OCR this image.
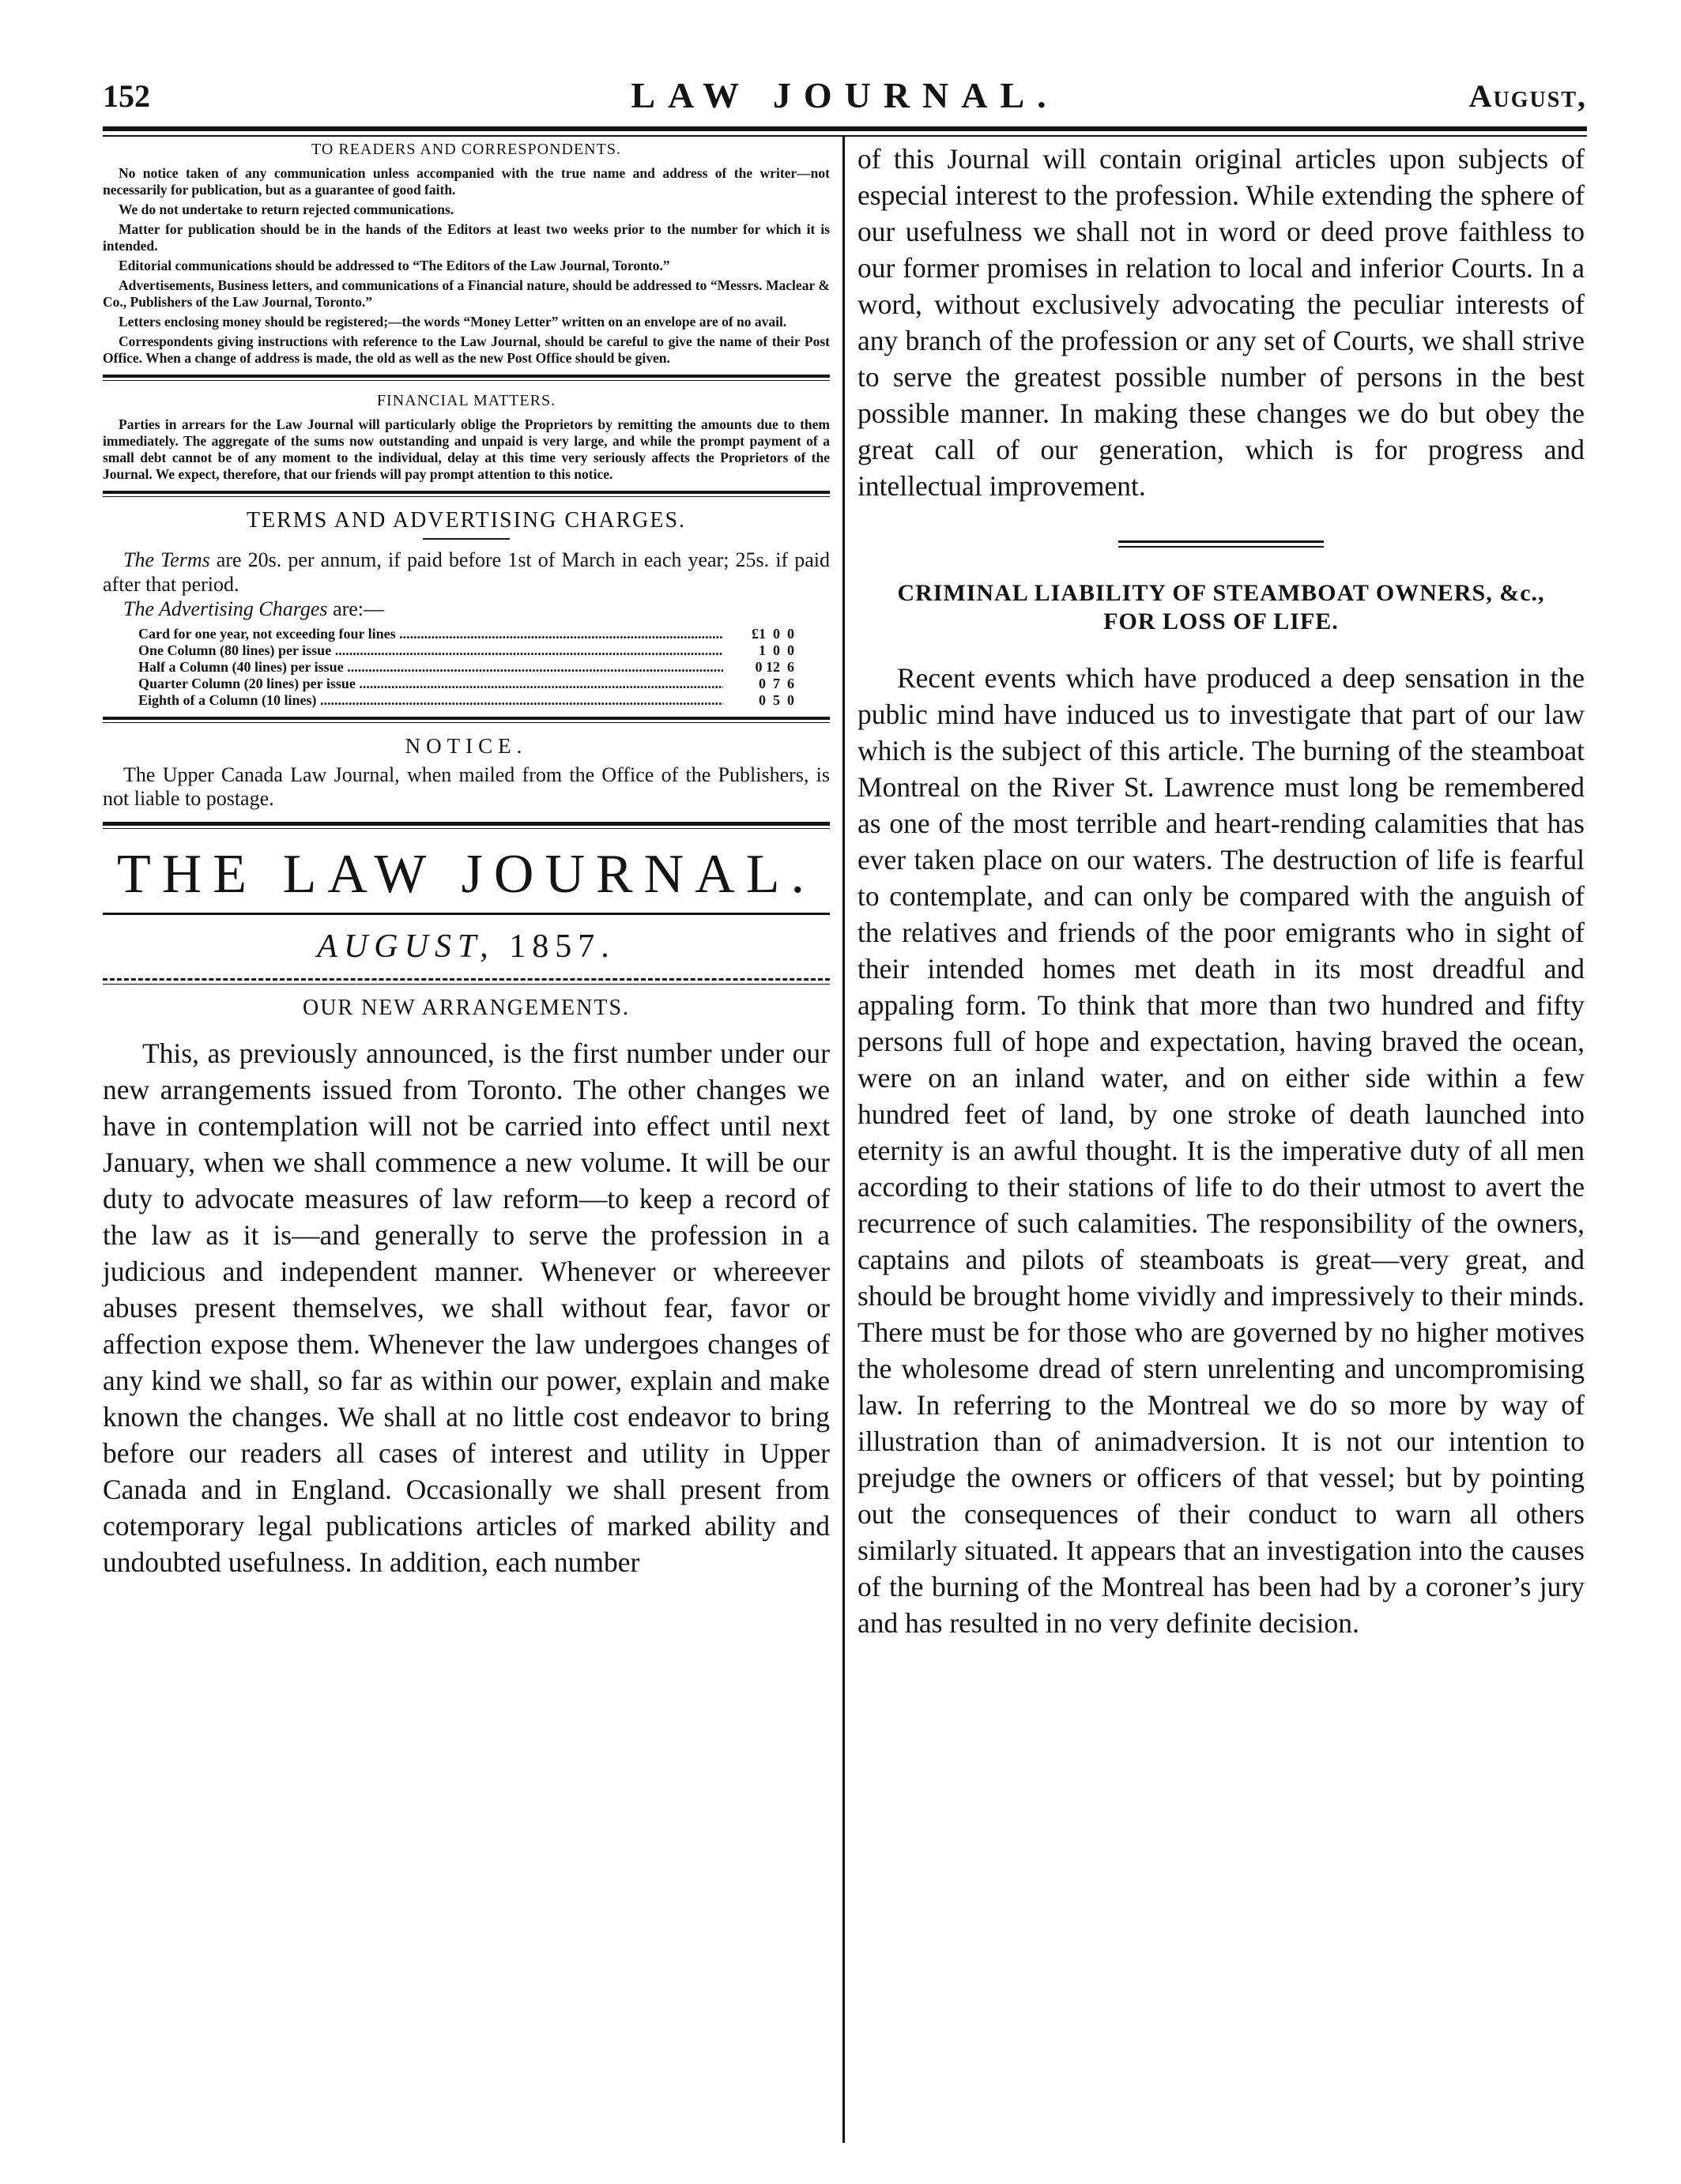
152	LAW JOURNAL.	August,
TO READERS AND CORRESPONDENTS.

No notice taken of any communication unless accompanied with the true name and address of the writer—not necessarily for publication, but as a guarantee of good faith.

We do not undertake to return rejected communications.

Matter for publication should be in the hands of the Editors at least two weeks prior to the number for which it is intended.

Editorial communications should be addressed to “The Editors of the Law Journal, Toronto.”

Advertisements, Business letters, and communications of a Financial nature, should be addressed to “Messrs. Maclear & Co., Publishers of the Law Journal, Toronto.”

Letters enclosing money should be registered;—the words “Money Letter” written on an envelope are of no avail.

Correspondents giving instructions with reference to the Law Journal, should be careful to give the name of their Post Office. When a change of address is made, the old as well as the new Post Office should be given.

FINANCIAL MATTERS.

Parties in arrears for the Law Journal will particularly oblige the Proprietors by remitting the amounts due to them immediately. The aggregate of the sums now outstanding and unpaid is very large, and while the prompt payment of a small debt cannot be of any moment to the individual, delay at this time very seriously affects the Proprietors of the Journal. We expect, therefore, that our friends will pay prompt attention to this notice.

TERMS AND ADVERTISING CHARGES.

The Terms are 20s. per annum, if paid before 1st of March in each year; 25s. if paid after that period.

The Advertising Charges are:—

Card for one year, not exceeding four lines .....	£1  0  0
One Column (80 lines) per issue .....	1  0  0
Half a Column (40 lines) per issue .....	0 12  6
Quarter Column (20 lines) per issue .....	0  7  6
Eighth of a Column (10 lines) .....	0  5  0
NOTICE.

The Upper Canada Law Journal, when mailed from the Office of the Publishers, is not liable to postage.

THE LAW JOURNAL.
AUGUST, 1857.
OUR NEW ARRANGEMENTS.

This, as previously announced, is the first number under our new arrangements issued from Toronto. The other changes we have in contemplation will not be carried into effect until next January, when we shall commence a new volume. It will be our duty to advocate measures of law reform—to keep a record of the law as it is—and generally to serve the profession in a judicious and independent manner. Whenever or whereever abuses present themselves, we shall without fear, favor or affection expose them. Whenever the law undergoes changes of any kind we shall, so far as within our power, explain and make known the changes. We shall at no little cost endeavor to bring before our readers all cases of interest and utility in Upper Canada and in England. Occasionally we shall present from cotemporary legal publications articles of marked ability and undoubted usefulness. In addition, each number

of this Journal will contain original articles upon subjects of especial interest to the profession. While extending the sphere of our usefulness we shall not in word or deed prove faithless to our former promises in relation to local and inferior Courts. In a word, without exclusively advocating the peculiar interests of any branch of the profession or any set of Courts, we shall strive to serve the greatest possible number of persons in the best possible manner. In making these changes we do but obey the great call of our generation, which is for progress and intellectual improvement.

CRIMINAL LIABILITY OF STEAMBOAT OWNERS, &c.,
FOR LOSS OF LIFE.

Recent events which have produced a deep sensation in the public mind have induced us to investigate that part of our law which is the subject of this article. The burning of the steamboat Montreal on the River St. Lawrence must long be remembered as one of the most terrible and heart-rending calamities that has ever taken place on our waters. The destruction of life is fearful to contemplate, and can only be compared with the anguish of the relatives and friends of the poor emigrants who in sight of their intended homes met death in its most dreadful and appaling form. To think that more than two hundred and fifty persons full of hope and expectation, having braved the ocean, were on an inland water, and on either side within a few hundred feet of land, by one stroke of death launched into eternity is an awful thought. It is the imperative duty of all men according to their stations of life to do their utmost to avert the recurrence of such calamities. The responsibility of the owners, captains and pilots of steamboats is great—very great, and should be brought home vividly and impressively to their minds. There must be for those who are governed by no higher motives the wholesome dread of stern unrelenting and uncompromising law. In referring to the Montreal we do so more by way of illustration than of animadversion. It is not our intention to prejudge the owners or officers of that vessel; but by pointing out the consequences of their conduct to warn all others similarly situated. It appears that an investigation into the causes of the burning of the Montreal has been had by a coroner’s jury and has resulted in no very definite decision.
